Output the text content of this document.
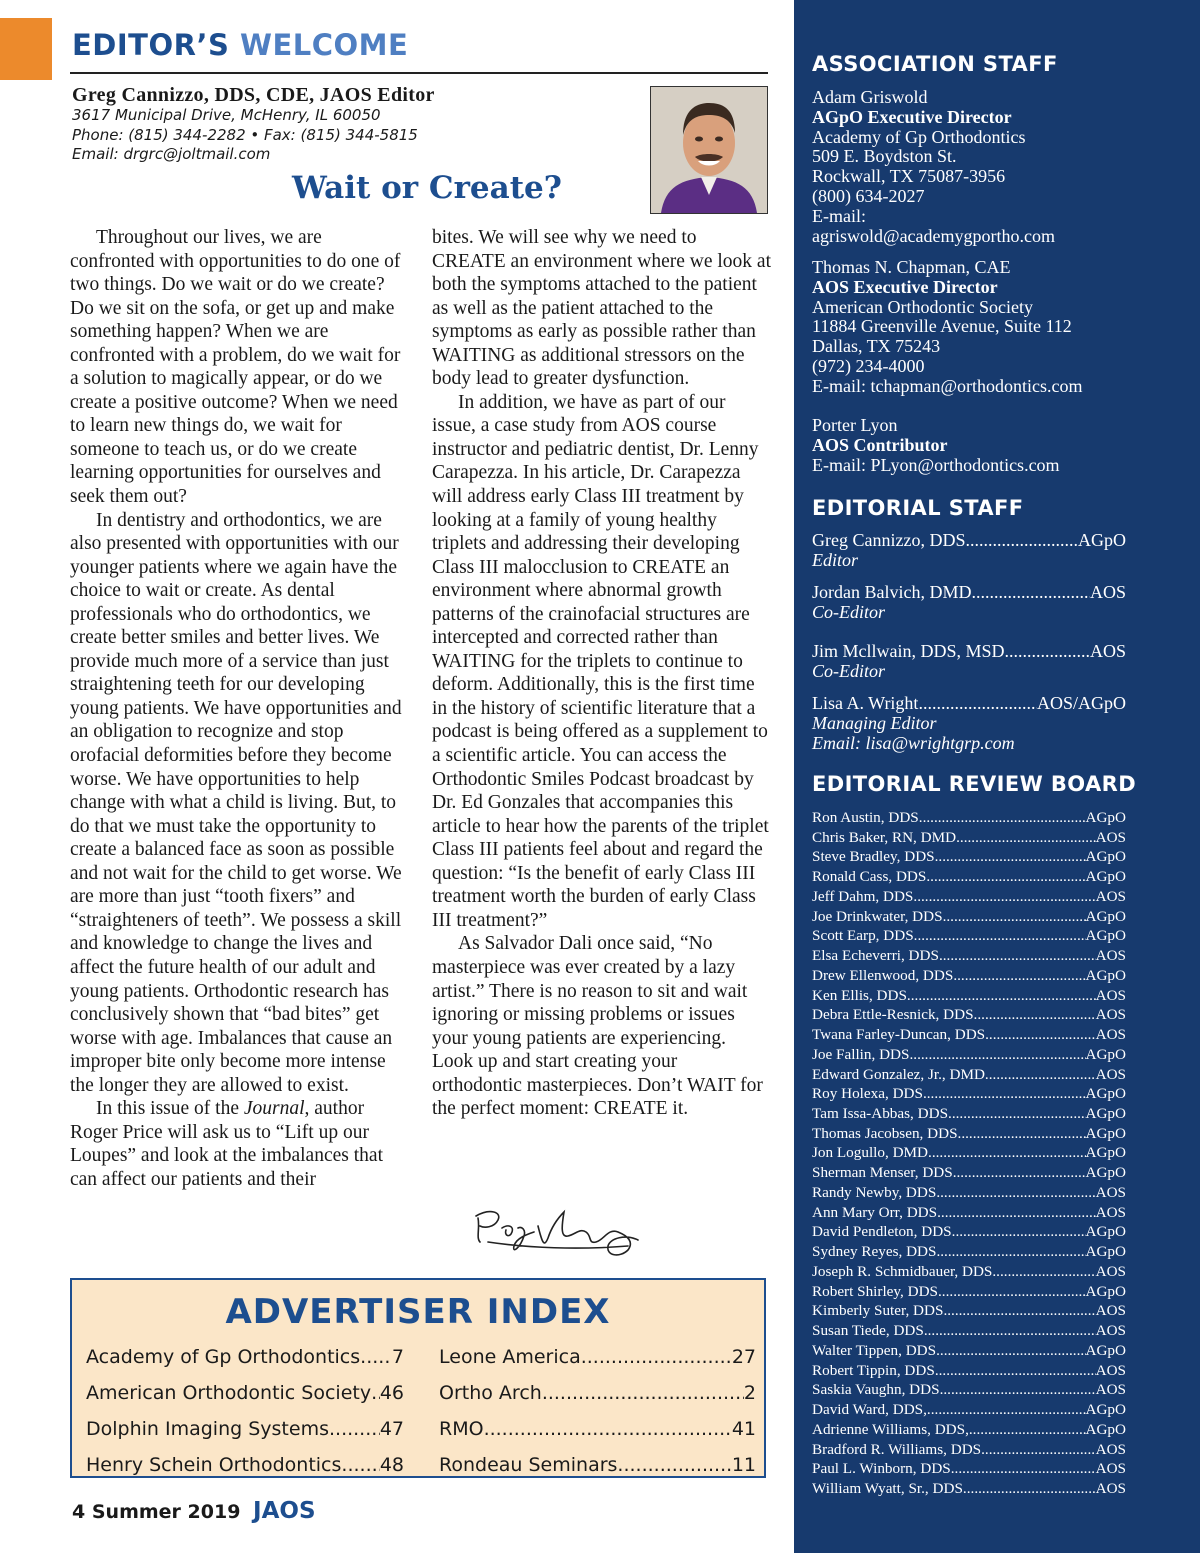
EDITOR’S WELCOME
Greg Cannizzo, DDS, CDE, JAOS Editor
3617 Municipal Drive, McHenry, IL 60050
Phone: (815) 344-2282 • Fax: (815) 344-5815
Email: drgrc@joltmail.com
Wait or Create?

Throughout our lives, we are confronted with opportunities to do one of two things. Do we wait or do we create? Do we sit on the sofa, or get up and make something happen? When we are confronted with a problem, do we wait for a solution to magically appear, or do we create a positive outcome? When we need to learn new things do, we wait for someone to teach us, or do we create learning opportunities for ourselves and seek them out?

In dentistry and orthodontics, we are also presented with opportunities with our younger patients where we again have the choice to wait or create. As dental professionals who do orthodontics, we create better smiles and better lives. We provide much more of a service than just straightening teeth for our developing young patients. We have opportunities and an obligation to recognize and stop orofacial deformities before they become worse. We have opportunities to help change with what a child is living. But, to do that we must take the opportunity to create a balanced face as soon as possible and not wait for the child to get worse. We are more than just “tooth fixers” and “straighteners of teeth”. We possess a skill and knowledge to change the lives and affect the future health of our adult and young patients. Orthodontic research has conclusively shown that “bad bites” get worse with age. Imbalances that cause an improper bite only become more intense the longer they are allowed to exist.

In this issue of the Journal, author Roger Price will ask us to “Lift up our Loupes” and look at the imbalances that can affect our patients and their

bites. We will see why we need to CREATE an environment where we look at both the symptoms attached to the patient as well as the patient attached to the symptoms as early as possible rather than WAITING as additional stressors on the body lead to greater dysfunction.

In addition, we have as part of our issue, a case study from AOS course instructor and pediatric dentist, Dr. Lenny Carapezza. In his article, Dr. Carapezza will address early Class III treatment by looking at a family of young healthy triplets and addressing their developing Class III malocclusion to CREATE an environment where abnormal growth patterns of the crainofacial structures are intercepted and corrected rather than WAITING for the triplets to continue to deform. Additionally, this is the first time in the history of scientific literature that a podcast is being offered as a supplement to a scientific article. You can access the Orthodontic Smiles Podcast broadcast by Dr. Ed Gonzales that accompanies this article to hear how the parents of the triplet Class III patients feel about and regard the question: “Is the benefit of early Class III treatment worth the burden of early Class III treatment?”

As Salvador Dali once said, “No masterpiece was ever created by a lazy artist.” There is no reason to sit and wait ignoring or missing problems or issues your young patients are experiencing. Look up and start creating your orthodontic masterpieces. Don’t WAIT for the perfect moment: CREATE it.

ADVERTISER INDEX
Academy of Gp Orthodontics ..... 7
American Orthodontic Society ..... 46
Dolphin Imaging Systems .....	47
Henry Schein Orthodontics ..... 48
Leone America .....	27
Ortho Arch .....	2
RMO .....	41
Rondeau Seminars .....	11
4 Summer 2019 JAOS
ASSOCIATION STAFF
Adam Griswold
AGpO Executive Director
Academy of Gp Orthodontics
509 E. Boydston St.
Rockwall, TX 75087-3956
(800) 634-2027
E-mail:
agriswold@academygportho.com
Thomas N. Chapman, CAE
AOS Executive Director
American Orthodontic Society
11884 Greenville Avenue, Suite 112
Dallas, TX 75243
(972) 234-4000
E-mail: tchapman@orthodontics.com
Porter Lyon
AOS Contributor
E-mail: PLyon@orthodontics.com
EDITORIAL STAFF
Greg Cannizzo, DDS .....	AGpO
Editor
Jordan Balvich, DMD .....	AOS
Co-Editor
Jim Mcllwain, DDS, MSD .....	AOS
Co-Editor
Lisa A. Wright .....	AOS/AGpO
Managing Editor
Email: lisa@wrightgrp.com
EDITORIAL REVIEW BOARD
Ron Austin, DDS .....	AGpO
Chris Baker, RN, DMD .....	AOS
Steve Bradley, DDS .....	AGpO
Ronald Cass, DDS .....	AGpO
Jeff Dahm, DDS .....	AOS
Joe Drinkwater, DDS .....	AGpO
Scott Earp, DDS .....	AGpO
Elsa Echeverri, DDS .....	AOS
Drew Ellenwood, DDS .....	AGpO
Ken Ellis, DDS .....	AOS
Debra Ettle-Resnick, DDS .....	AOS
Twana Farley-Duncan, DDS .....	AOS
Joe Fallin, DDS .....	AGpO
Edward Gonzalez, Jr., DMD .....	AOS
Roy Holexa, DDS .....	AGpO
Tam Issa-Abbas, DDS .....	AGpO
Thomas Jacobsen, DDS .....	AGpO
Jon Logullo, DMD .....	AGpO
Sherman Menser, DDS .....	AGpO
Randy Newby, DDS .....	AOS
Ann Mary Orr, DDS .....	AOS
David Pendleton, DDS .....	AGpO
Sydney Reyes, DDS .....	AGpO
Joseph R. Schmidbauer, DDS .....	AOS
Robert Shirley, DDS .....	AGpO
Kimberly Suter, DDS .....	AOS
Susan Tiede, DDS .....	AOS
Walter Tippen, DDS .....	AGpO
Robert Tippin, DDS .....	AOS
Saskia Vaughn, DDS .....	AOS
David Ward, DDS, .....	AGpO
Adrienne Williams, DDS, .....	AGpO
Bradford R. Williams, DDS .....	AOS
Paul L. Winborn, DDS .....	AOS
William Wyatt, Sr., DDS .....	AOS
